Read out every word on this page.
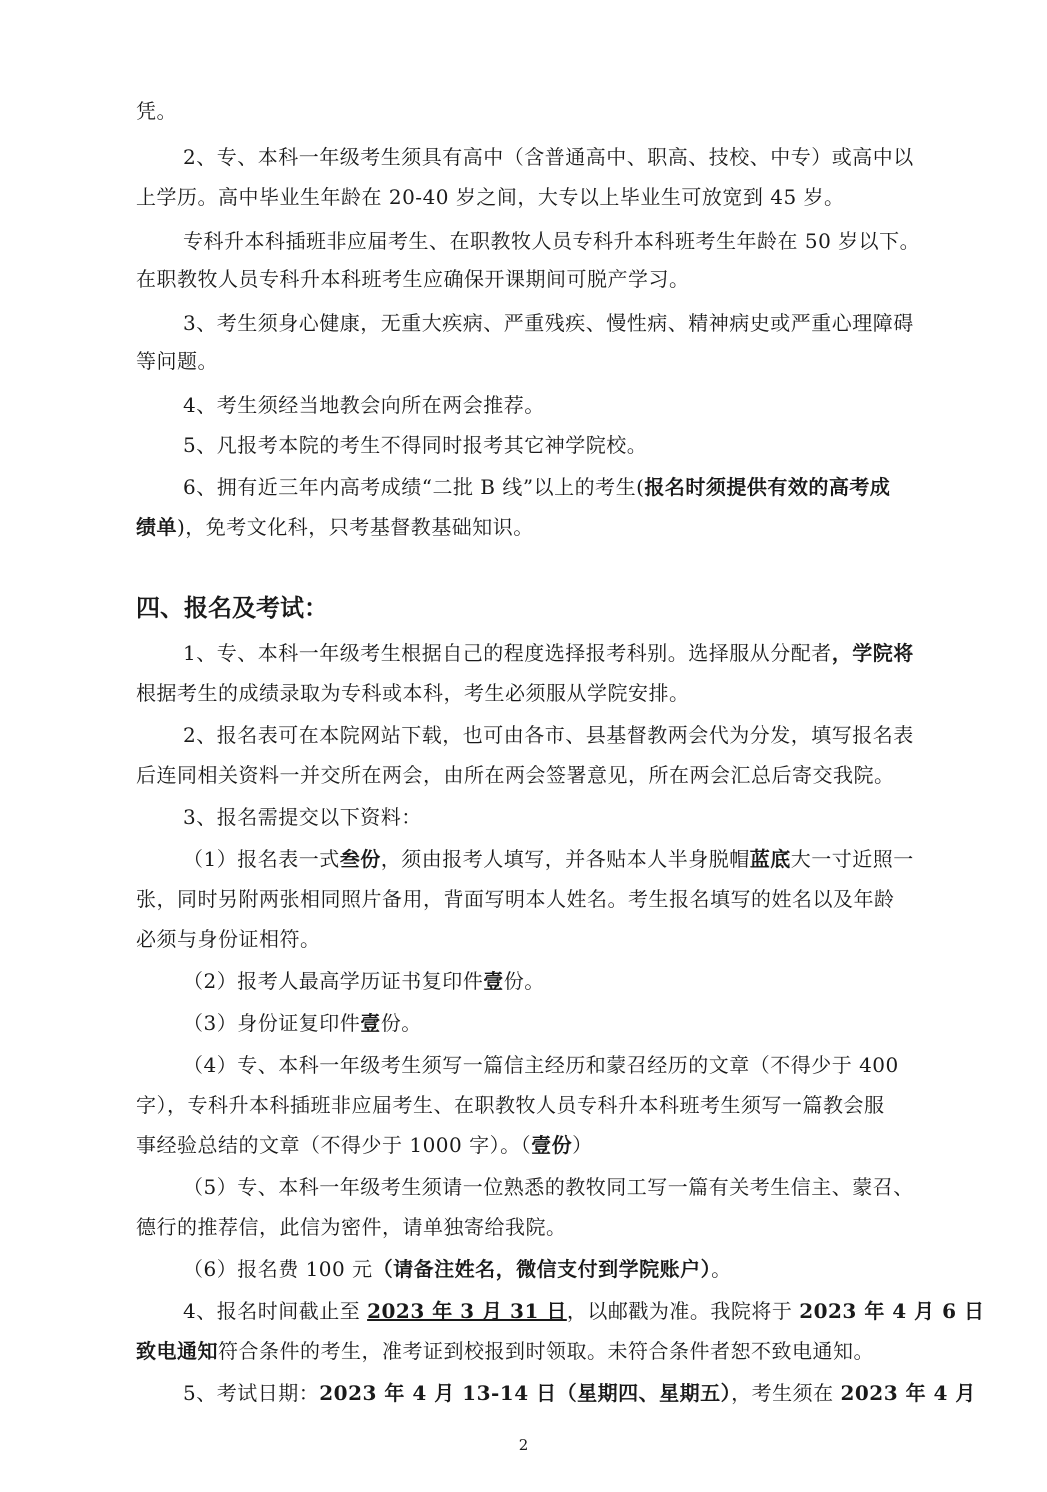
凭。
2、专、本科一年级考生须具有高中（含普通高中、职高、技校、中专）或高中以
上学历。高中毕业生年龄在 20-40 岁之间，大专以上毕业生可放宽到 45 岁。
专科升本科插班非应届考生、在职教牧人员专科升本科班考生年龄在 50 岁以下。
在职教牧人员专科升本科班考生应确保开课期间可脱产学习。
3、考生须身心健康，无重大疾病、严重残疾、慢性病、精神病史或严重心理障碍
等问题。
4、考生须经当地教会向所在两会推荐。
5、凡报考本院的考生不得同时报考其它神学院校。
6、拥有近三年内高考成绩“二批 B 线”以上的考生(报名时须提供有效的高考成
绩单)，免考文化科，只考基督教基础知识。
四、报名及考试：
1、专、本科一年级考生根据自己的程度选择报考科别。选择服从分配者，学院将
根据考生的成绩录取为专科或本科，考生必须服从学院安排。
2、报名表可在本院网站下载，也可由各市、县基督教两会代为分发，填写报名表
后连同相关资料一并交所在两会，由所在两会签署意见，所在两会汇总后寄交我院。
3、报名需提交以下资料：
（1）报名表一式叁份，须由报考人填写，并各贴本人半身脱帽蓝底大一寸近照一
张，同时另附两张相同照片备用，背面写明本人姓名。考生报名填写的姓名以及年龄
必须与身份证相符。
（2）报考人最高学历证书复印件壹份。
（3）身份证复印件壹份。
（4）专、本科一年级考生须写一篇信主经历和蒙召经历的文章（不得少于 400
字），专科升本科插班非应届考生、在职教牧人员专科升本科班考生须写一篇教会服
事经验总结的文章（不得少于 1000 字）。（壹份）
（5）专、本科一年级考生须请一位熟悉的教牧同工写一篇有关考生信主、蒙召、
德行的推荐信，此信为密件，请单独寄给我院。
（6）报名费 100 元（请备注姓名，微信支付到学院账户）。
4、报名时间截止至 2023 年 3 月 31 日，以邮戳为准。我院将于 2023 年 4 月 6 日
致电通知符合条件的考生，准考证到校报到时领取。未符合条件者恕不致电通知。
5、考试日期：2023 年 4 月 13-14 日（星期四、星期五），考生须在 2023 年 4 月
2
